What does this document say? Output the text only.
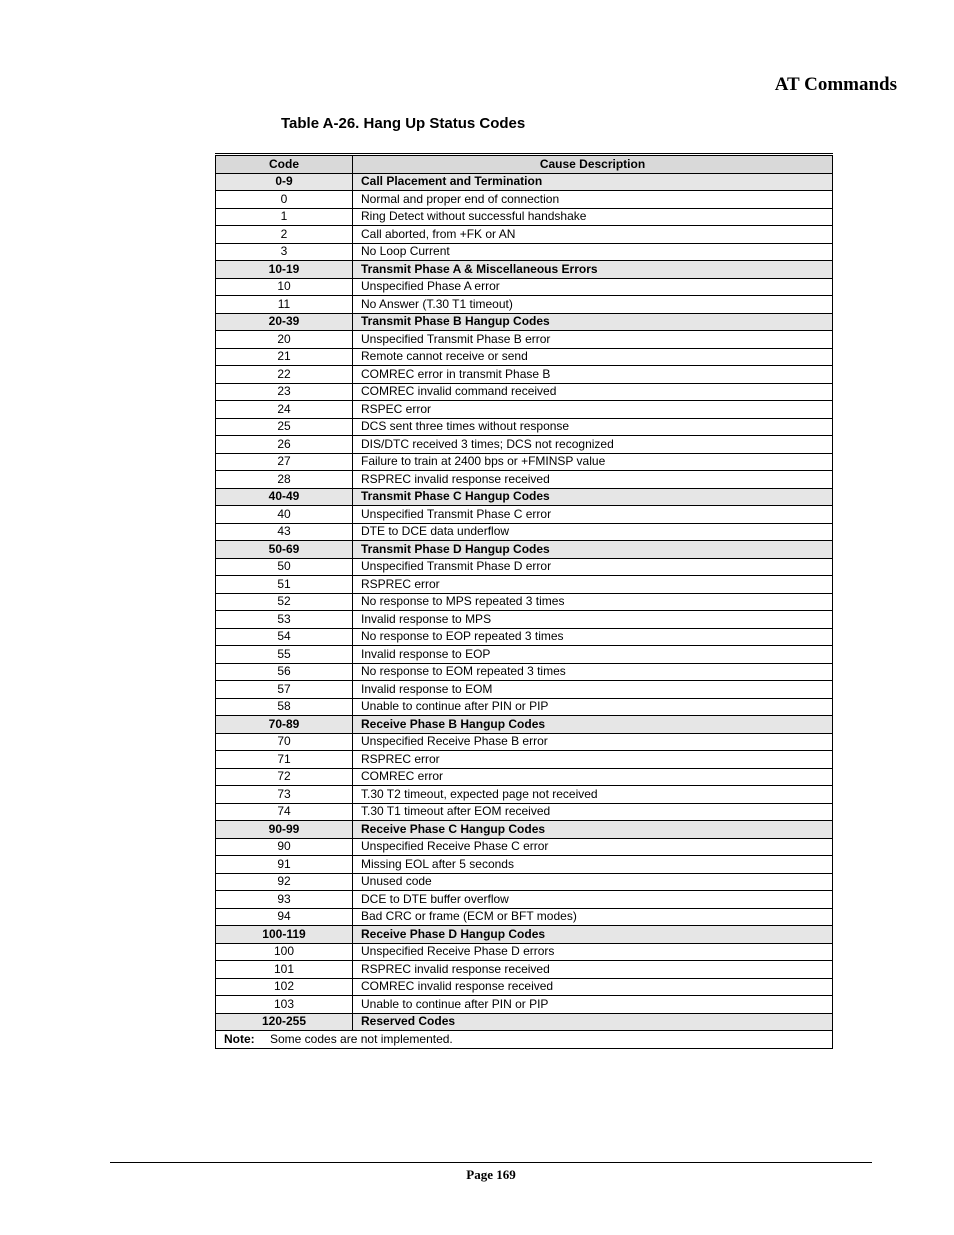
AT Commands
Table A-26. Hang Up Status Codes
Code	Cause Description
0-9	Call Placement and Termination
0	Normal and proper end of connection
1	Ring Detect without successful handshake
2	Call aborted, from +FK or AN
3	No Loop Current
10-19	Transmit Phase A & Miscellaneous Errors
10	Unspecified Phase A error
11	No Answer (T.30 T1 timeout)
20-39	Transmit Phase B Hangup Codes
20	Unspecified Transmit Phase B error
21	Remote cannot receive or send
22	COMREC error in transmit Phase B
23	COMREC invalid command received
24	RSPEC error
25	DCS sent three times without response
26	DIS/DTC received 3 times; DCS not recognized
27	Failure to train at 2400 bps or +FMINSP value
28	RSPREC invalid response received
40-49	Transmit Phase C Hangup Codes
40	Unspecified Transmit Phase C error
43	DTE to DCE data underflow
50-69	Transmit Phase D Hangup Codes
50	Unspecified Transmit Phase D error
51	RSPREC error
52	No response to MPS repeated 3 times
53	Invalid response to MPS
54	No response to EOP repeated 3 times
55	Invalid response to EOP
56	No response to EOM repeated 3 times
57	Invalid response to EOM
58	Unable to continue after PIN or PIP
70-89	Receive Phase B Hangup Codes
70	Unspecified Receive Phase B error
71	RSPREC error
72	COMREC error
73	T.30 T2 timeout, expected page not received
74	T.30 T1 timeout after EOM received
90-99	Receive Phase C Hangup Codes
90	Unspecified Receive Phase C error
91	Missing EOL after 5 seconds
92	Unused code
93	DCE to DTE buffer overflow
94	Bad CRC or frame (ECM or BFT modes)
100-119	Receive Phase D Hangup Codes
100	Unspecified Receive Phase D errors
101	RSPREC invalid response received
102	COMREC invalid response received
103	Unable to continue after PIN or PIP
120-255	Reserved Codes
Note: Some codes are not implemented.	
Page 169
